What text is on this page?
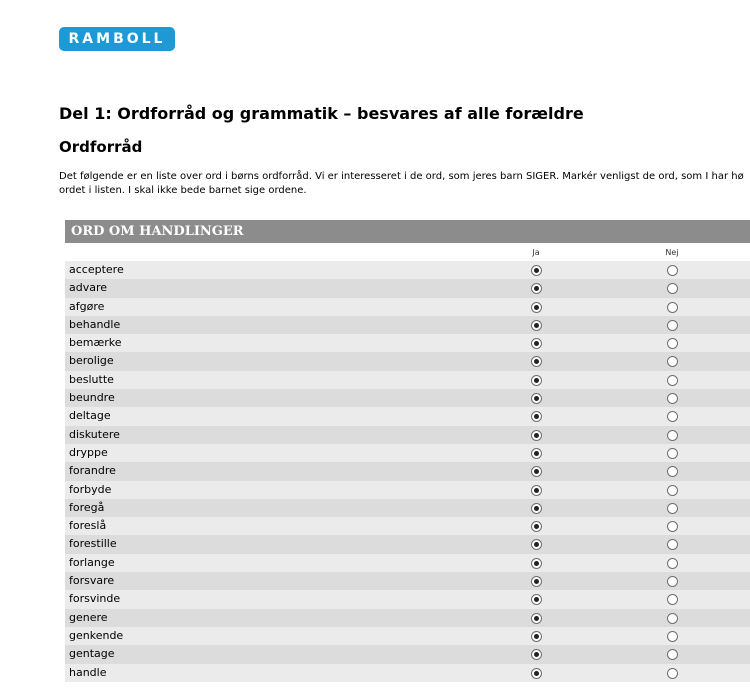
RAMBOLL
Del 1: Ordforråd og grammatik – besvares af alle forældre
Ordforråd
Det følgende er en liste over ord i børns ordforråd. Vi er interesseret i de ord, som jeres barn SIGER. Markér venligst de ord, som I har hø
ordet i listen. I skal ikke bede barnet sige ordene.
ORD OM HANDLINGER
Ja	Nej
acceptere
advare
afgøre
behandle
bemærke
berolige
beslutte
beundre
deltage
diskutere
dryppe
forandre
forbyde
foregå
foreslå
forestille
forlange
forsvare
forsvinde
genere
genkende
gentage
handle
